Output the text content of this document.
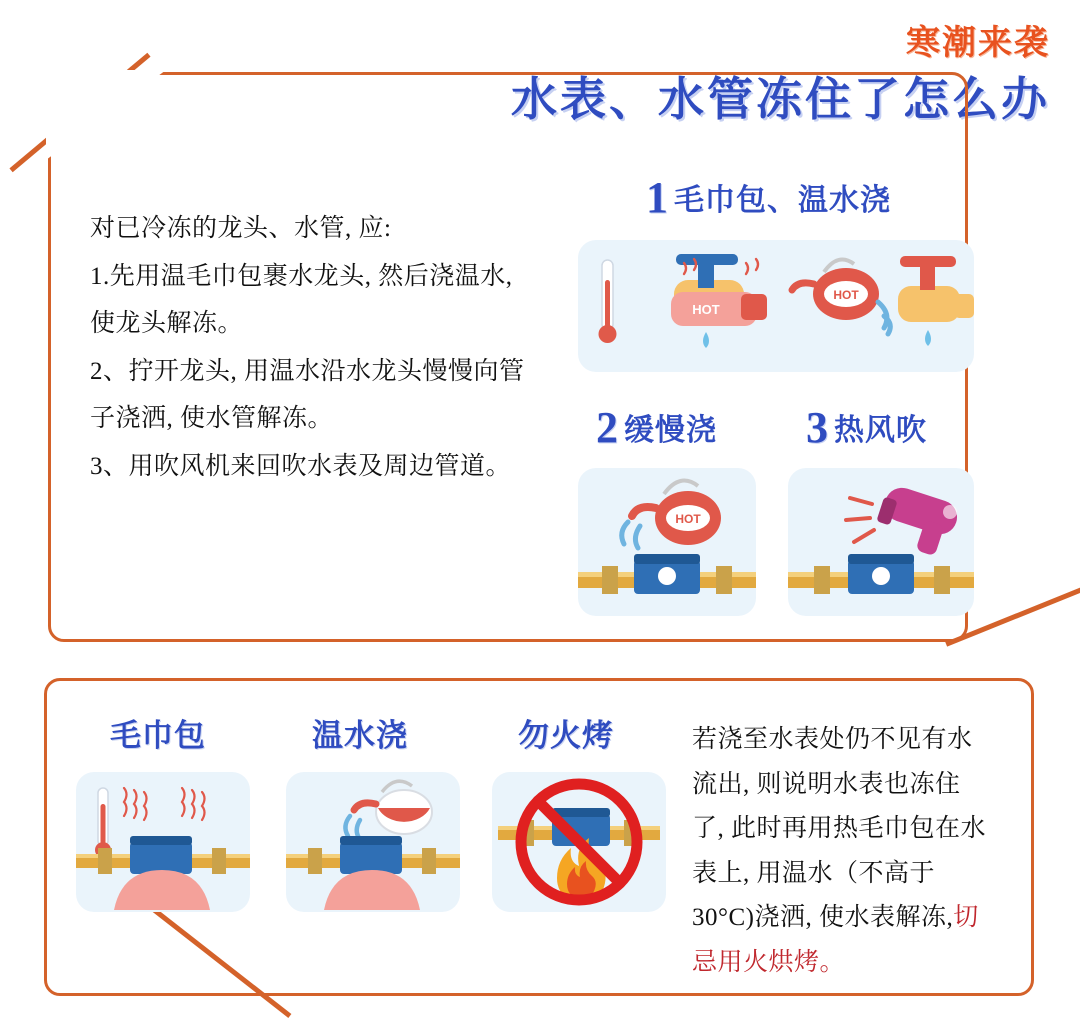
寒潮来袭
水表、水管冻住了怎么办

对已冷冻的龙头、水管, 应:

1.先用温毛巾包裹水龙头, 然后浇温水,

使龙头解冻。

2、拧开龙头, 用温水沿水龙头慢慢向管

子浇洒, 使水管解冻。

3、用吹风机来回吹水表及周边管道。

1 毛巾包、温水浇
HOT
HOT
2 缓慢浇
HOT
3 热风吹
毛巾包	温水浇	勿火烤	若浇至水表处仍不见有水
流出, 则说明水表也冻住
了, 此时再用热毛巾包在水
表上, 用温水（不高于
30°C)浇洒, 使水表解冻,切
忌用火烘烤。
